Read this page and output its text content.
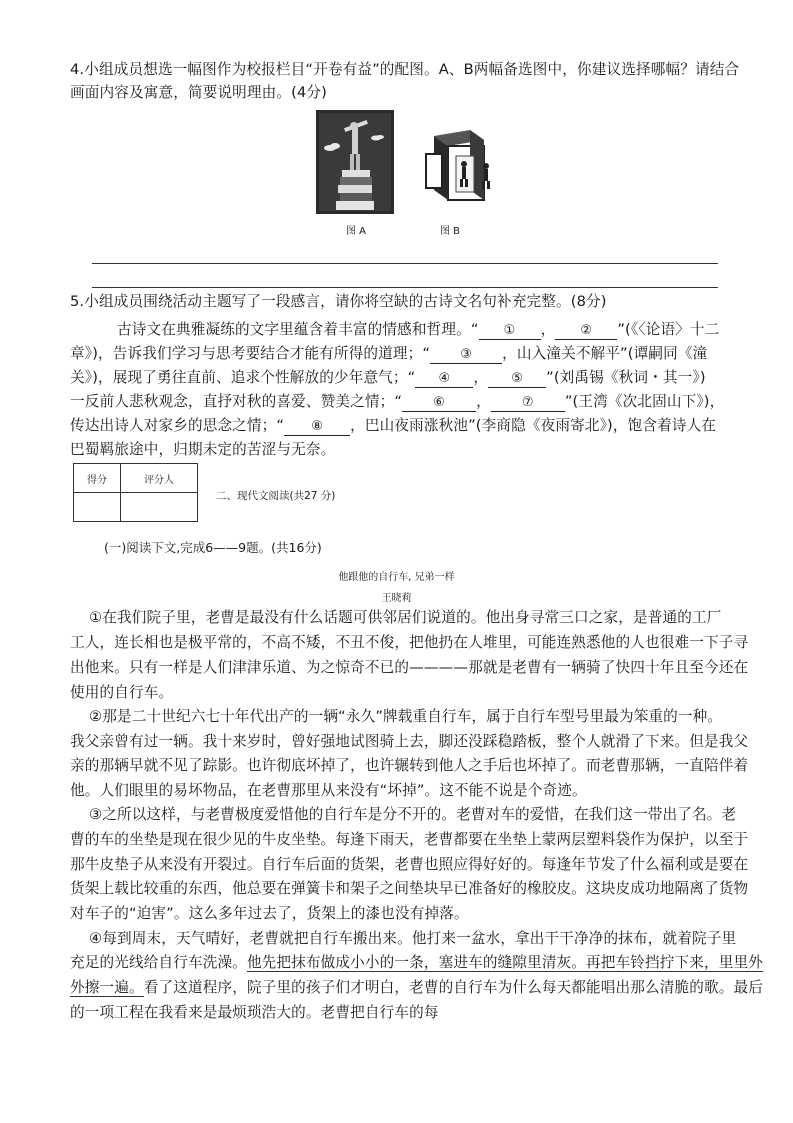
4.小组成员想选一幅图作为校报栏目“开卷有益”的配图。A、B两幅备选图中，你建议选择哪幅？请结合
画面内容及寓意，简要说明理由。(4分)
图 A	图 B
5.小组成员围绕活动主题写了一段感言，请你将空缺的古诗文名句补充完整。(8分)
古诗文在典雅凝练的文字里蕴含着丰富的情感和哲理。“ ① ， ② ”(《〈论语〉十二
章》)，告诉我们学习与思考要结合才能有所得的道理；“ ③ ，山入潼关不解平”(谭嗣同《潼
关》)，展现了勇往直前、追求个性解放的少年意气；“ ④ ， ⑤ ”(刘禹锡《秋词・其一》)
一反前人悲秋观念，直抒对秋的喜爱、赞美之情；“ ⑥ ， ⑦ ”(王湾《次北固山下》)，
传达出诗人对家乡的思念之情；“ ⑧ ，巴山夜雨涨秋池”(李商隐《夜雨寄北》)，饱含着诗人在
巴蜀羁旅途中，归期未定的苦涩与无奈。
得分	评分人

二、现代文阅读(共27 分)
(一)阅读下文,完成6——9题。(共16分)
他跟他的自行车, 兄弟一样
王晓莉
①在我们院子里，老曹是最没有什么话题可供邻居们说道的。他出身寻常三口之家，是普通的工厂
工人，连长相也是极平常的，不高不矮，不丑不俊，把他扔在人堆里，可能连熟悉他的人也很难一下子寻
出他来。只有一样是人们津津乐道、为之惊奇不已的————那就是老曹有一辆骑了快四十年且至今还在
使用的自行车。
②那是二十世纪六七十年代出产的一辆“永久”牌载重自行车，属于自行车型号里最为笨重的一种。
我父亲曾有过一辆。我十来岁时，曾好强地试图骑上去，脚还没踩稳踏板，整个人就滑了下来。但是我父
亲的那辆早就不见了踪影。也许彻底坏掉了，也许辗转到他人之手后也坏掉了。而老曹那辆，一直陪伴着
他。人们眼里的易坏物品，在老曹那里从来没有“坏掉”。这不能不说是个奇迹。
③之所以这样，与老曹极度爱惜他的自行车是分不开的。老曹对车的爱惜，在我们这一带出了名。老
曹的车的坐垫是现在很少见的牛皮坐垫。每逢下雨天，老曹都要在坐垫上蒙两层塑料袋作为保护，以至于
那牛皮垫子从来没有开裂过。自行车后面的货架，老曹也照应得好好的。每逢年节发了什么福利或是要在
货架上载比较重的东西，他总要在弹簧卡和架子之间垫块早已准备好的橡胶皮。这块皮成功地隔离了货物
对车子的“迫害”。这么多年过去了，货架上的漆也没有掉落。
④每到周末，天气晴好，老曹就把自行车搬出来。他打来一盆水，拿出干干净净的抹布，就着院子里
充足的光线给自行车洗澡。他先把抹布做成小小的一条，塞进车的缝隙里清灰。再把车铃挡拧下来，里里外
外擦一遍。看了这道程序，院子里的孩子们才明白，老曹的自行车为什么每天都能唱出那么清脆的歌。最后
的一项工程在我看来是最烦琐浩大的。老曹把自行车的每
